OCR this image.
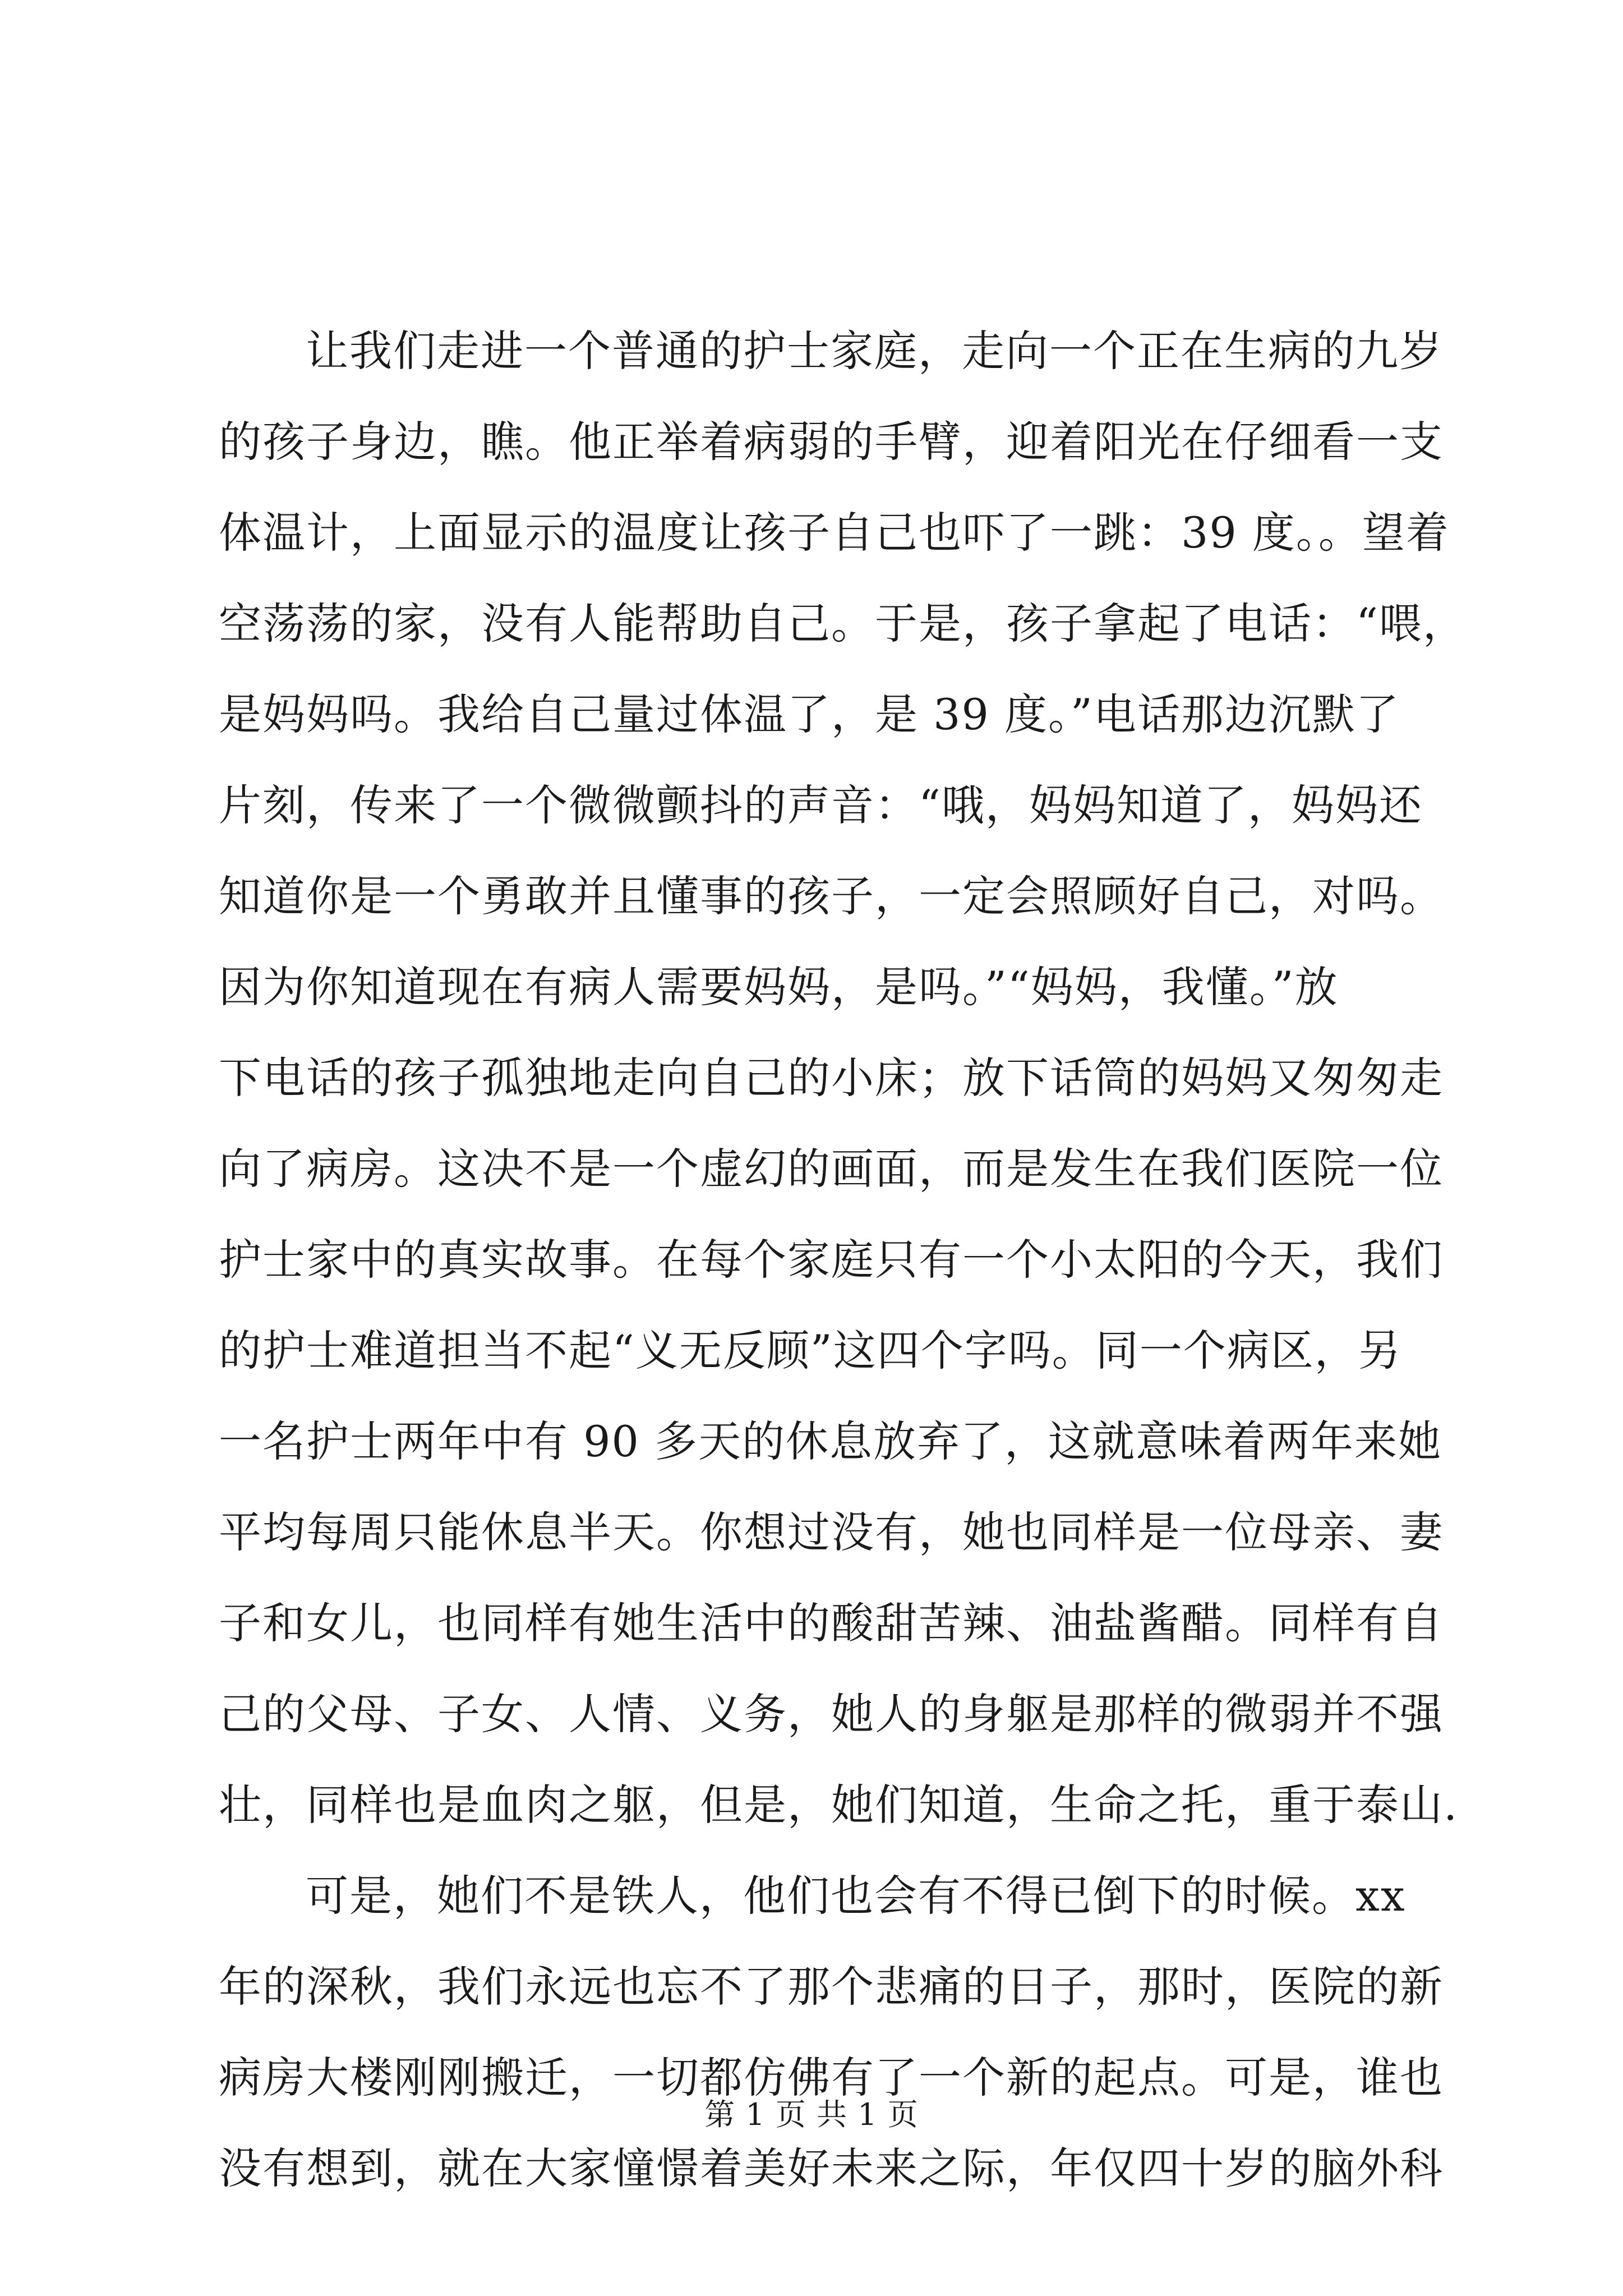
让我们走进一个普通的护士家庭，走向一个正在生病的九岁
的孩子身边，瞧。他正举着病弱的手臂，迎着阳光在仔细看一支
体温计，上面显示的温度让孩子自己也吓了一跳：39 度。。望着
空荡荡的家，没有人能帮助自己。于是，孩子拿起了电话：“喂，
是妈妈吗。我给自己量过体温了，是 39 度。”电话那边沉默了
片刻，传来了一个微微颤抖的声音：“哦，妈妈知道了，妈妈还
知道你是一个勇敢并且懂事的孩子，一定会照顾好自己，对吗。
因为你知道现在有病人需要妈妈，是吗。”“妈妈，我懂。”放
下电话的孩子孤独地走向自己的小床；放下话筒的妈妈又匆匆走
向了病房。这决不是一个虚幻的画面，而是发生在我们医院一位
护士家中的真实故事。在每个家庭只有一个小太阳的今天，我们
的护士难道担当不起“义无反顾”这四个字吗。同一个病区，另
一名护士两年中有 90 多天的休息放弃了，这就意味着两年来她
平均每周只能休息半天。你想过没有，她也同样是一位母亲、妻
子和女儿，也同样有她生活中的酸甜苦辣、油盐酱醋。同样有自
己的父母、子女、人情、义务，她人的身躯是那样的微弱并不强
壮，同样也是血肉之躯，但是，她们知道，生命之托，重于泰山.
可是，她们不是铁人，他们也会有不得已倒下的时候。xx
年的深秋，我们永远也忘不了那个悲痛的日子，那时，医院的新
病房大楼刚刚搬迁，一切都仿佛有了一个新的起点。可是，谁也
没有想到，就在大家憧憬着美好未来之际，年仅四十岁的脑外科
第 1 页 共 1 页
